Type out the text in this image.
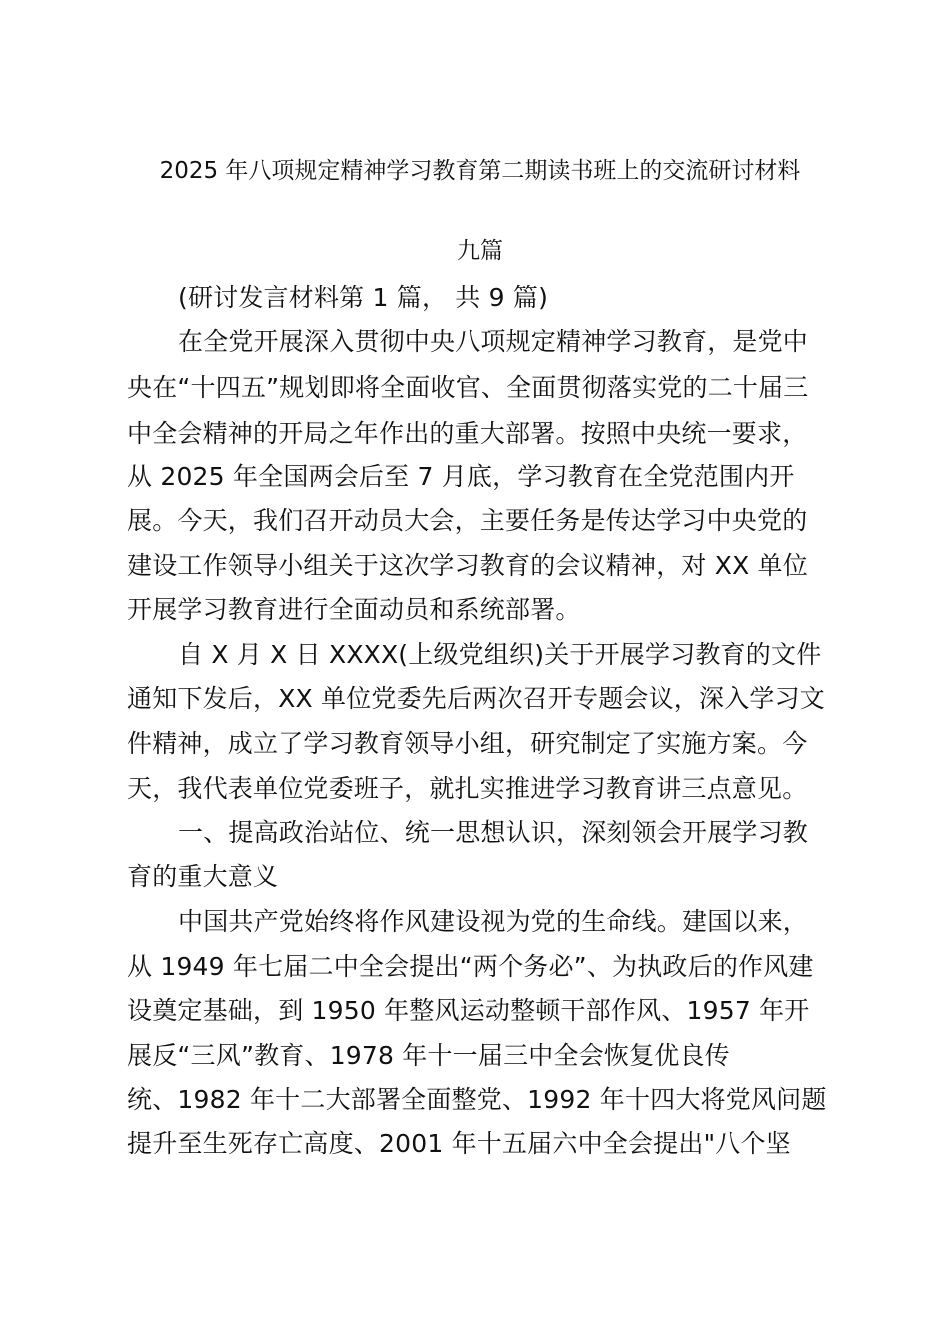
2025 年八项规定精神学习教育第二期读书班上的交流研讨材料
九篇
(研讨发言材料第 1 篇， 共 9 篇)
在全党开展深入贯彻中央八项规定精神学习教育，是党中
央在“十四五”规划即将全面收官、全面贯彻落实党的二十届三
中全会精神的开局之年作出的重大部署。按照中央统一要求，
从 2025 年全国两会后至 7 月底，学习教育在全党范围内开
展。今天，我们召开动员大会，主要任务是传达学习中央党的
建设工作领导小组关于这次学习教育的会议精神，对 XX 单位
开展学习教育进行全面动员和系统部署。
自 X 月 X 日 XXXX(上级党组织)关于开展学习教育的文件
通知下发后，XX 单位党委先后两次召开专题会议，深入学习文
件精神，成立了学习教育领导小组，研究制定了实施方案。今
天，我代表单位党委班子，就扎实推进学习教育讲三点意见。
一、提高政治站位、统一思想认识，深刻领会开展学习教
育的重大意义
中国共产党始终将作风建设视为党的生命线。建国以来，
从 1949 年七届二中全会提出“两个务必”、为执政后的作风建
设奠定基础，到 1950 年整风运动整顿干部作风、1957 年开
展反“三风”教育、1978 年十一届三中全会恢复优良传
统、1982 年十二大部署全面整党、1992 年十四大将党风问题
提升至生死存亡高度、2001 年十五届六中全会提出"八个坚
